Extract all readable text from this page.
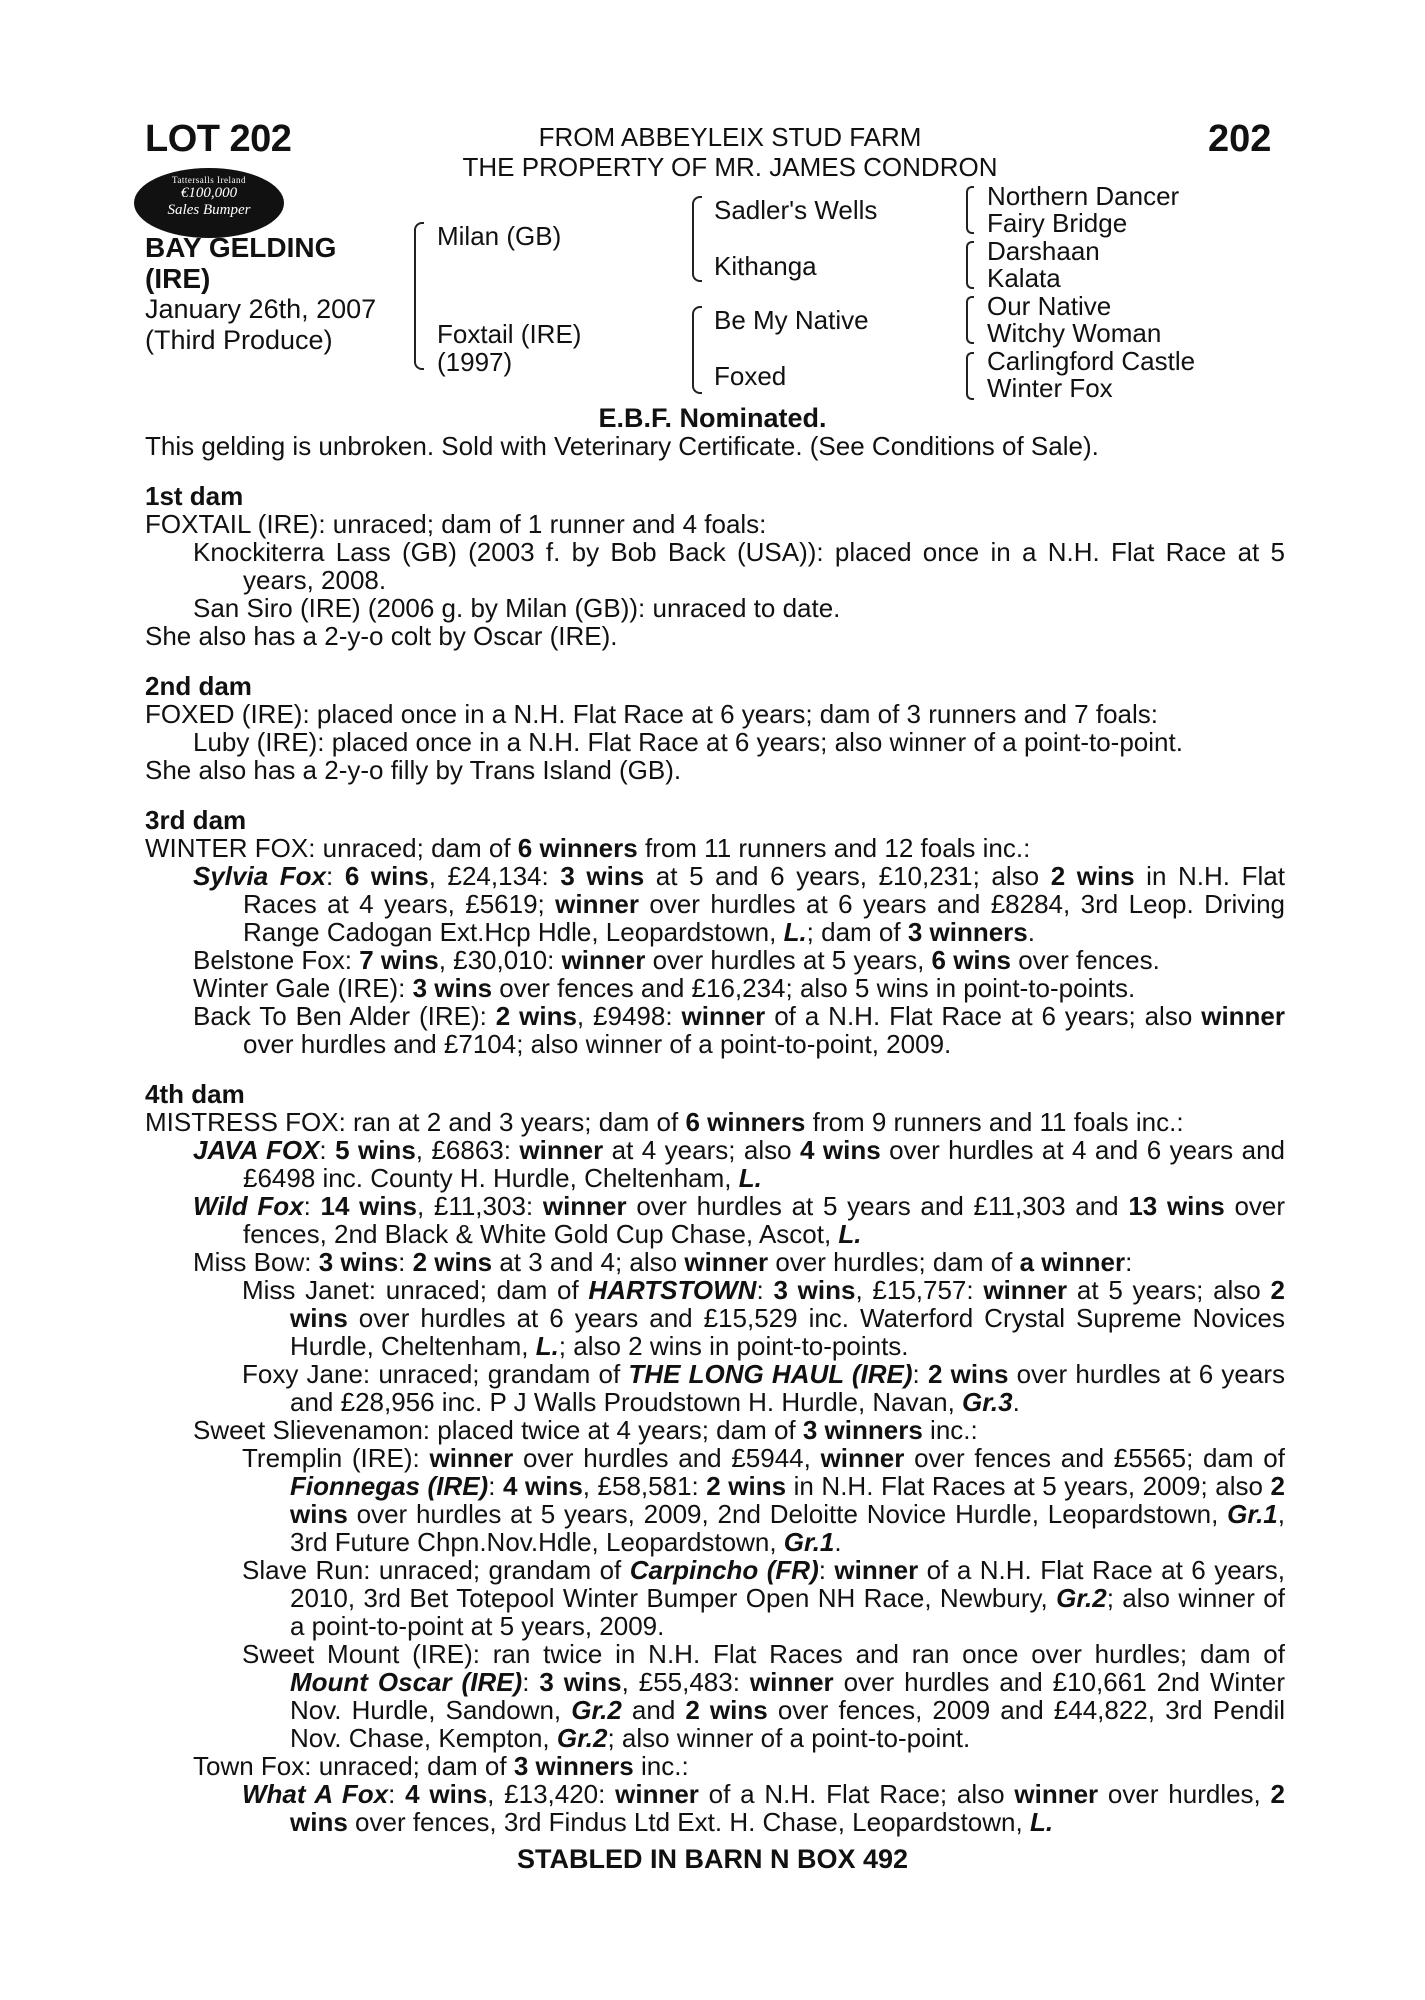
LOT 202	202
FROM ABBEYLEIX STUD FARM
THE PROPERTY OF MR. JAMES CONDRON
Tattersalls Ireland
€100,000
Sales Bumper
BAY GELDING
(IRE)
January 26th, 2007
(Third Produce)
Milan (GB)
Foxtail (IRE)
(1997)
Sadler's Wells
Kithanga
Be My Native
Foxed
Northern Dancer
Fairy Bridge
Darshaan
Kalata
Our Native
Witchy Woman
Carlingford Castle
Winter Fox
E.B.F. Nominated.

This gelding is unbroken. Sold with Veterinary Certificate. (See Conditions of Sale).

1st dam

FOXTAIL (IRE): unraced; dam of 1 runner and 4 foals:

Knockiterra Lass (GB) (2003 f. by Bob Back (USA)): placed once in a N.H. Flat Race at 5 years, 2008.

San Siro (IRE) (2006 g. by Milan (GB)): unraced to date.

She also has a 2-y-o colt by Oscar (IRE).

2nd dam

FOXED (IRE): placed once in a N.H. Flat Race at 6 years; dam of 3 runners and 7 foals:

Luby (IRE): placed once in a N.H. Flat Race at 6 years; also winner of a point-to-point.

She also has a 2-y-o filly by Trans Island (GB).

3rd dam

WINTER FOX: unraced; dam of 6 winners from 11 runners and 12 foals inc.:

Sylvia Fox: 6 wins, £24,134: 3 wins at 5 and 6 years, £10,231; also 2 wins in N.H. Flat Races at 4 years, £5619; winner over hurdles at 6 years and £8284, 3rd Leop. Driving Range Cadogan Ext.Hcp Hdle, Leopardstown, L.; dam of 3 winners.

Belstone Fox: 7 wins, £30,010: winner over hurdles at 5 years, 6 wins over fences.

Winter Gale (IRE): 3 wins over fences and £16,234; also 5 wins in point-to-points.

Back To Ben Alder (IRE): 2 wins, £9498: winner of a N.H. Flat Race at 6 years; also winner over hurdles and £7104; also winner of a point-to-point, 2009.

4th dam

MISTRESS FOX: ran at 2 and 3 years; dam of 6 winners from 9 runners and 11 foals inc.:

JAVA FOX: 5 wins, £6863: winner at 4 years; also 4 wins over hurdles at 4 and 6 years and £6498 inc. County H. Hurdle, Cheltenham, L.

Wild Fox: 14 wins, £11,303: winner over hurdles at 5 years and £11,303 and 13 wins over fences, 2nd Black & White Gold Cup Chase, Ascot, L.

Miss Bow: 3 wins: 2 wins at 3 and 4; also winner over hurdles; dam of a winner:

Miss Janet: unraced; dam of HARTSTOWN: 3 wins, £15,757: winner at 5 years; also 2 wins over hurdles at 6 years and £15,529 inc. Waterford Crystal Supreme Novices Hurdle, Cheltenham, L.; also 2 wins in point-to-points.

Foxy Jane: unraced; grandam of THE LONG HAUL (IRE): 2 wins over hurdles at 6 years and £28,956 inc. P J Walls Proudstown H. Hurdle, Navan, Gr.3.

Sweet Slievenamon: placed twice at 4 years; dam of 3 winners inc.:

Tremplin (IRE): winner over hurdles and £5944, winner over fences and £5565; dam of Fionnegas (IRE): 4 wins, £58,581: 2 wins in N.H. Flat Races at 5 years, 2009; also 2 wins over hurdles at 5 years, 2009, 2nd Deloitte Novice Hurdle, Leopardstown, Gr.1, 3rd Future Chpn.Nov.Hdle, Leopardstown, Gr.1.

Slave Run: unraced; grandam of Carpincho (FR): winner of a N.H. Flat Race at 6 years, 2010, 3rd Bet Totepool Winter Bumper Open NH Race, Newbury, Gr.2; also winner of a point-to-point at 5 years, 2009.

Sweet Mount (IRE): ran twice in N.H. Flat Races and ran once over hurdles; dam of Mount Oscar (IRE): 3 wins, £55,483: winner over hurdles and £10,661 2nd Winter Nov. Hurdle, Sandown, Gr.2 and 2 wins over fences, 2009 and £44,822, 3rd Pendil Nov. Chase, Kempton, Gr.2; also winner of a point-to-point.

Town Fox: unraced; dam of 3 winners inc.:

What A Fox: 4 wins, £13,420: winner of a N.H. Flat Race; also winner over hurdles, 2 wins over fences, 3rd Findus Ltd Ext. H. Chase, Leopardstown, L.

STABLED IN BARN N BOX 492
